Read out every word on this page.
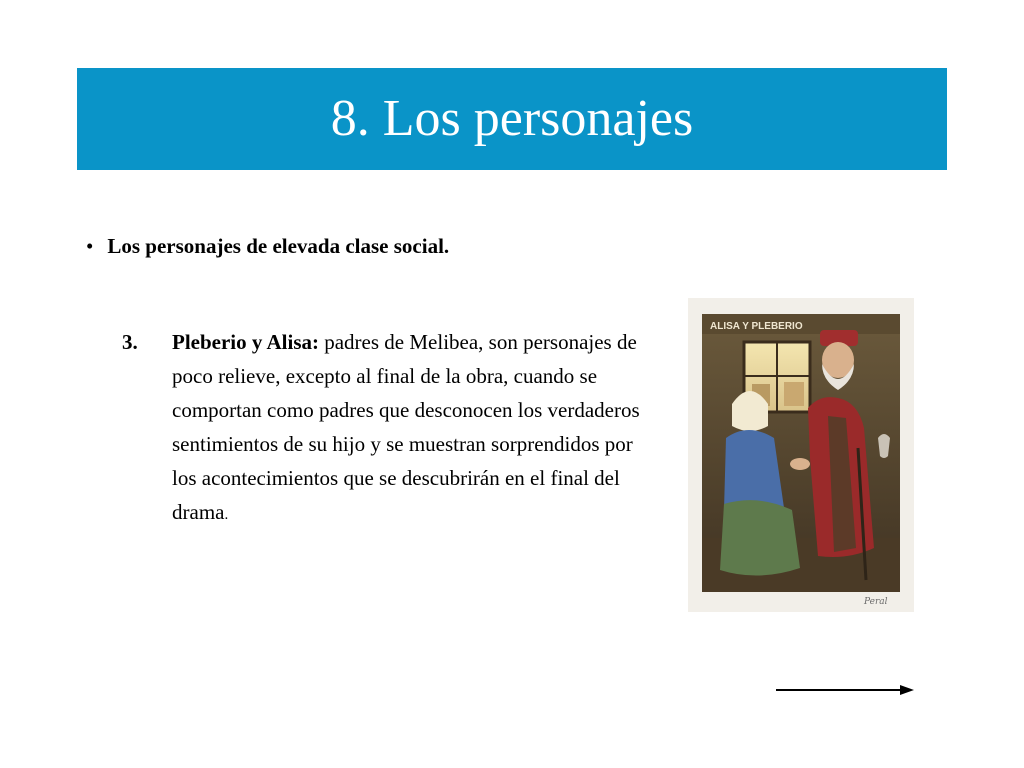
8. Los personajes
• Los personajes de elevada clase social.
3. Pleberio y Alisa: padres de Melibea, son personajes de poco relieve, excepto al final de la obra, cuando se comportan como padres que desconocen los verdaderos sentimientos de su hijo y se muestran sorprendidos por los acontecimientos que se descubrirán en el final del drama.
ALISA Y PLEBERIO
Peral
